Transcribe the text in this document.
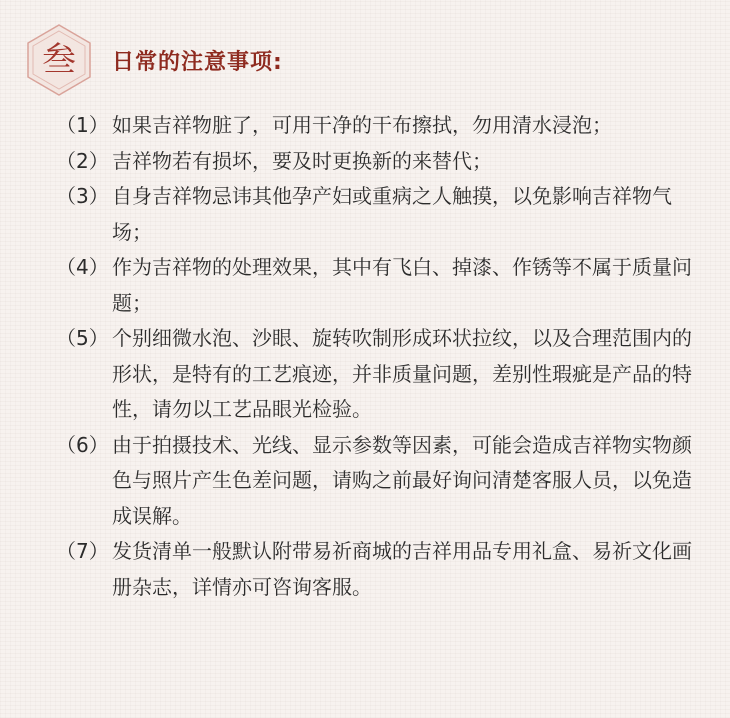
叁	日常的注意事项:
（1） 如果吉祥物脏了，可用干净的干布擦拭，勿用清水浸泡；
（2） 吉祥物若有损坏，要及时更换新的来替代；
（3） 自身吉祥物忌讳其他孕产妇或重病之人触摸，以免影响吉祥物气场；
（4） 作为吉祥物的处理效果，其中有飞白、掉漆、作锈等不属于质量问题；
（5） 个别细微水泡、沙眼、旋转吹制形成环状拉纹，以及合理范围内的形状，是特有的工艺痕迹，并非质量问题，差别性瑕疵是产品的特性，请勿以工艺品眼光检验。
（6） 由于拍摄技术、光线、显示参数等因素，可能会造成吉祥物实物颜色与照片产生色差问题，请购之前最好询问清楚客服人员，以免造成误解。
（7） 发货清单一般默认附带易祈商城的吉祥用品专用礼盒、易祈文化画册杂志，详情亦可咨询客服。
